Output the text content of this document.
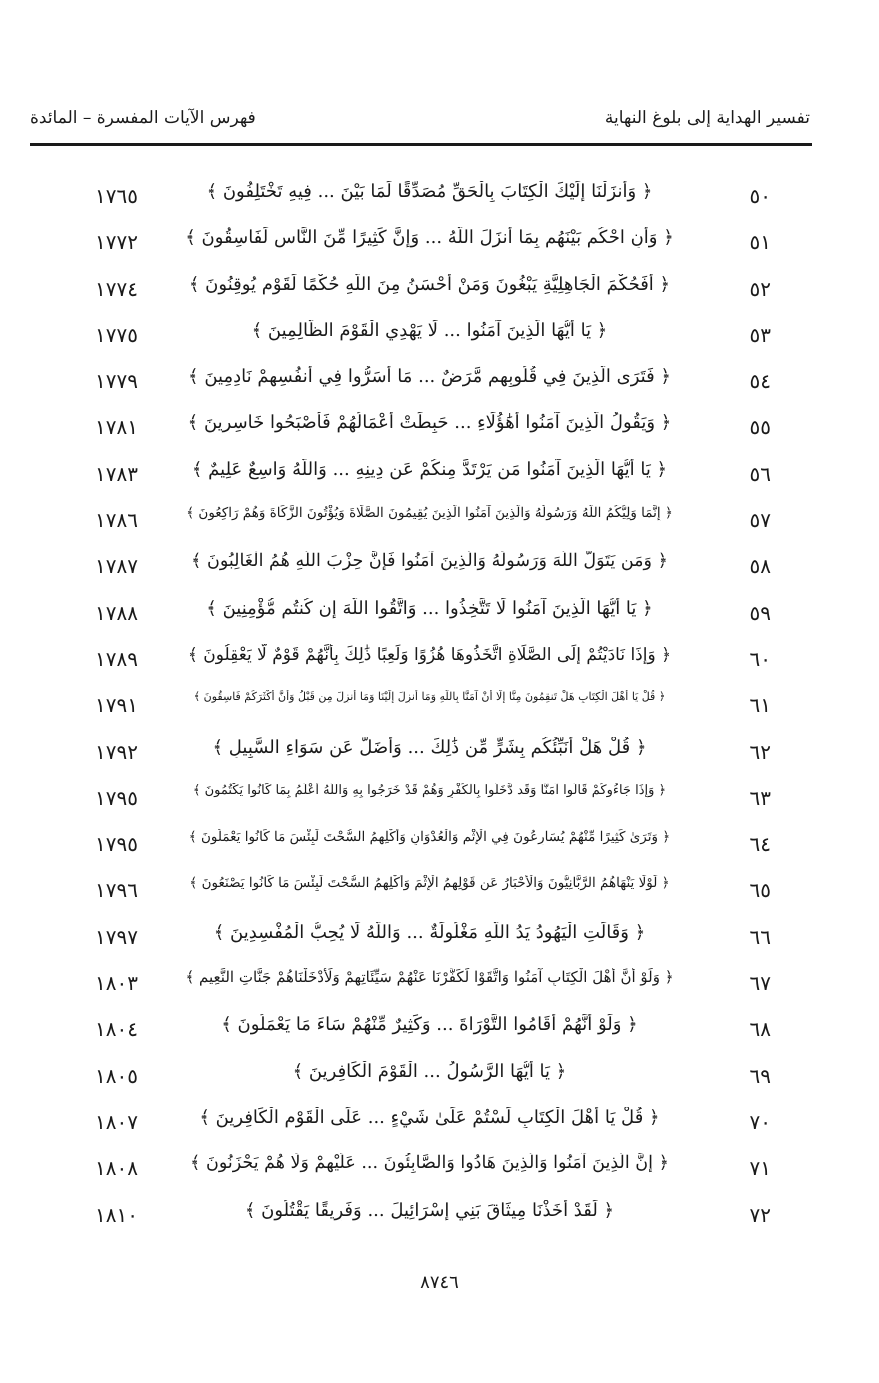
تفسير الهداية إلى بلوغ النهاية
فهرس الآيات المفسرة – المائدة
٥٠
﴿ وَأَنزَلْنَا إِلَيْكَ الْكِتَابَ بِالْحَقِّ مُصَدِّقًا لِّمَا بَيْنَ ... فِيهِ تَخْتَلِفُونَ ﴾
١٧٦٥
٥١
﴿ وَأَنِ احْكُم بَيْنَهُم بِمَا أَنزَلَ اللَّهُ ... وَإِنَّ كَثِيرًا مِّنَ النَّاسِ لَفَاسِقُونَ ﴾
١٧٧٢
٥٢
﴿ أَفَحُكْمَ الْجَاهِلِيَّةِ يَبْغُونَ وَمَنْ أَحْسَنُ مِنَ اللَّهِ حُكْمًا لِّقَوْمٍ يُوقِنُونَ ﴾
١٧٧٤
٥٣
﴿ يَا أَيُّهَا الَّذِينَ آمَنُوا ... لَا يَهْدِي الْقَوْمَ الظَّالِمِينَ ﴾
١٧٧٥
٥٤
﴿ فَتَرَى الَّذِينَ فِي قُلُوبِهِم مَّرَضٌ ... مَا أَسَرُّوا فِي أَنفُسِهِمْ نَادِمِينَ ﴾
١٧٧٩
٥٥
﴿ وَيَقُولُ الَّذِينَ آمَنُوا أَهَٰؤُلَاءِ ... حَبِطَتْ أَعْمَالُهُمْ فَأَصْبَحُوا خَاسِرِينَ ﴾
١٧٨١
٥٦
﴿ يَا أَيُّهَا الَّذِينَ آمَنُوا مَن يَرْتَدَّ مِنكُمْ عَن دِينِهِ ... وَاللَّهُ وَاسِعٌ عَلِيمٌ ﴾
١٧٨٣
٥٧
﴿ إِنَّمَا وَلِيُّكُمُ اللَّهُ وَرَسُولُهُ وَالَّذِينَ آمَنُوا الَّذِينَ يُقِيمُونَ الصَّلَاةَ وَيُؤْتُونَ الزَّكَاةَ وَهُمْ رَاكِعُونَ ﴾
١٧٨٦
٥٨
﴿ وَمَن يَتَوَلَّ اللَّهَ وَرَسُولَهُ وَالَّذِينَ آمَنُوا فَإِنَّ حِزْبَ اللَّهِ هُمُ الْغَالِبُونَ ﴾
١٧٨٧
٥٩
﴿ يَا أَيُّهَا الَّذِينَ آمَنُوا لَا تَتَّخِذُوا ... وَاتَّقُوا اللَّهَ إِن كُنتُم مُّؤْمِنِينَ ﴾
١٧٨٨
٦٠
﴿ وَإِذَا نَادَيْتُمْ إِلَى الصَّلَاةِ اتَّخَذُوهَا هُزُوًا وَلَعِبًا ذَٰلِكَ بِأَنَّهُمْ قَوْمٌ لَّا يَعْقِلُونَ ﴾
١٧٨٩
٦١
﴿ قُلْ يَا أَهْلَ الْكِتَابِ هَلْ تَنقِمُونَ مِنَّا إِلَّا أَنْ آمَنَّا بِاللَّهِ وَمَا أُنزِلَ إِلَيْنَا وَمَا أُنزِلَ مِن قَبْلُ وَأَنَّ أَكْثَرَكُمْ فَاسِقُونَ ﴾
١٧٩١
٦٢
﴿ قُلْ هَلْ أُنَبِّئُكُم بِشَرٍّ مِّن ذَٰلِكَ ... وَأَضَلُّ عَن سَوَاءِ السَّبِيلِ ﴾
١٧٩٢
٦٣
﴿ وَإِذَا جَاءُوكُمْ قَالُوا آمَنَّا وَقَد دَّخَلُوا بِالْكُفْرِ وَهُمْ قَدْ خَرَجُوا بِهِ وَاللَّهُ أَعْلَمُ بِمَا كَانُوا يَكْتُمُونَ ﴾
١٧٩٥
٦٤
﴿ وَتَرَىٰ كَثِيرًا مِّنْهُمْ يُسَارِعُونَ فِي الْإِثْمِ وَالْعُدْوَانِ وَأَكْلِهِمُ السُّحْتَ لَبِئْسَ مَا كَانُوا يَعْمَلُونَ ﴾
١٧٩٥
٦٥
﴿ لَوْلَا يَنْهَاهُمُ الرَّبَّانِيُّونَ وَالْأَحْبَارُ عَن قَوْلِهِمُ الْإِثْمَ وَأَكْلِهِمُ السُّحْتَ لَبِئْسَ مَا كَانُوا يَصْنَعُونَ ﴾
١٧٩٦
٦٦
﴿ وَقَالَتِ الْيَهُودُ يَدُ اللَّهِ مَغْلُولَةٌ ... وَاللَّهُ لَا يُحِبُّ الْمُفْسِدِينَ ﴾
١٧٩٧
٦٧
﴿ وَلَوْ أَنَّ أَهْلَ الْكِتَابِ آمَنُوا وَاتَّقَوْا لَكَفَّرْنَا عَنْهُمْ سَيِّئَاتِهِمْ وَلَأَدْخَلْنَاهُمْ جَنَّاتِ النَّعِيمِ ﴾
١٨٠٣
٦٨
﴿ وَلَوْ أَنَّهُمْ أَقَامُوا التَّوْرَاةَ ... وَكَثِيرٌ مِّنْهُمْ سَاءَ مَا يَعْمَلُونَ ﴾
١٨٠٤
٦٩
﴿ يَا أَيُّهَا الرَّسُولُ ... الْقَوْمَ الْكَافِرِينَ ﴾
١٨٠٥
٧٠
﴿ قُلْ يَا أَهْلَ الْكِتَابِ لَسْتُمْ عَلَىٰ شَيْءٍ ... عَلَى الْقَوْمِ الْكَافِرِينَ ﴾
١٨٠٧
٧١
﴿ إِنَّ الَّذِينَ آمَنُوا وَالَّذِينَ هَادُوا وَالصَّابِئُونَ ... عَلَيْهِمْ وَلَا هُمْ يَحْزَنُونَ ﴾
١٨٠٨
٧٢
﴿ لَقَدْ أَخَذْنَا مِيثَاقَ بَنِي إِسْرَائِيلَ ... وَفَرِيقًا يَقْتُلُونَ ﴾
١٨١٠
٨٧٤٦
